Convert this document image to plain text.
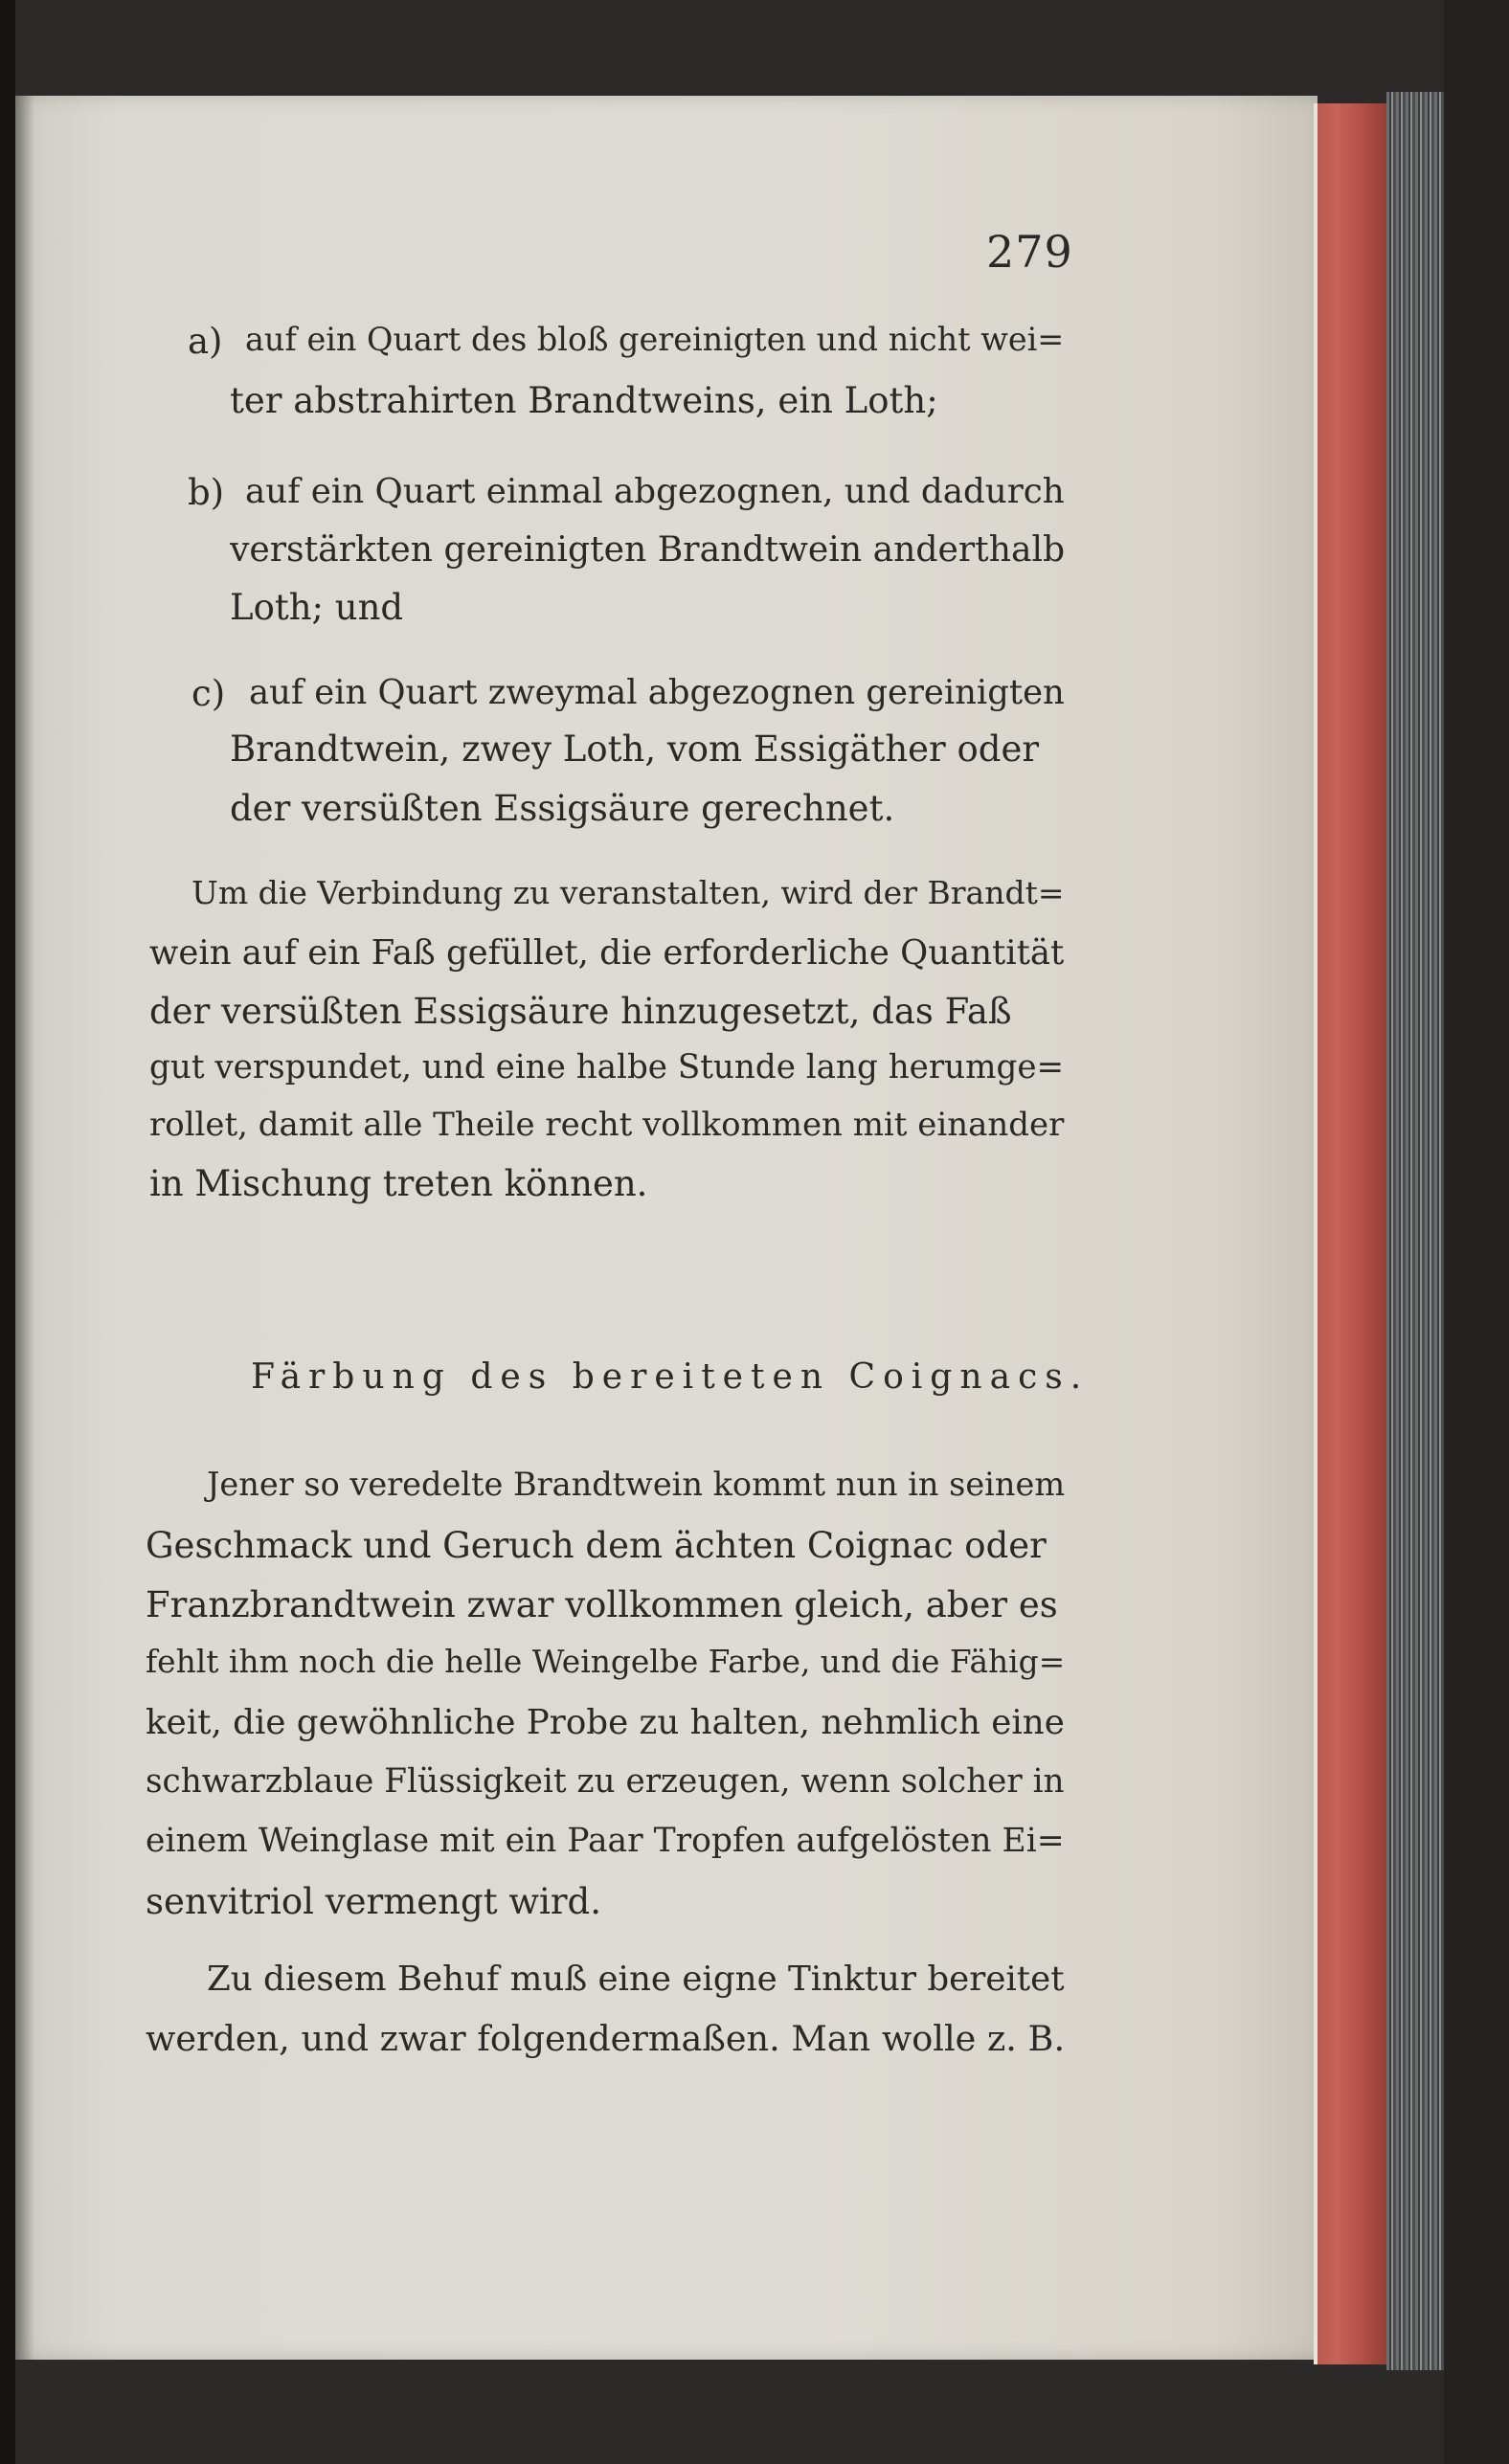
279
a) auf ein Quart des bloß gereinigten und nicht wei=
ter abstrahirten Brandtweins, ein Loth;
b) auf ein Quart einmal abgezognen, und dadurch
verstärkten gereinigten Brandtwein anderthalb
Loth; und
c) auf ein Quart zweymal abgezognen gereinigten
Brandtwein, zwey Loth, vom Essigäther oder
der versüßten Essigsäure gerechnet.
Um die Verbindung zu veranstalten, wird der Brandt=
wein auf ein Faß gefüllet, die erforderliche Quantität
der versüßten Essigsäure hinzugesetzt, das Faß
gut verspundet, und eine halbe Stunde lang herumge=
rollet, damit alle Theile recht vollkommen mit einander
in Mischung treten können.
Färbung des bereiteten Coignacs.
Jener so veredelte Brandtwein kommt nun in seinem
Geschmack und Geruch dem ächten Coignac oder
Franzbrandtwein zwar vollkommen gleich, aber es
fehlt ihm noch die helle Weingelbe Farbe, und die Fähig=
keit, die gewöhnliche Probe zu halten, nehmlich eine
schwarzblaue Flüssigkeit zu erzeugen, wenn solcher in
einem Weinglase mit ein Paar Tropfen aufgelösten Ei=
senvitriol vermengt wird.
Zu diesem Behuf muß eine eigne Tinktur bereitet
werden, und zwar folgendermaßen. Man wolle z. B.
